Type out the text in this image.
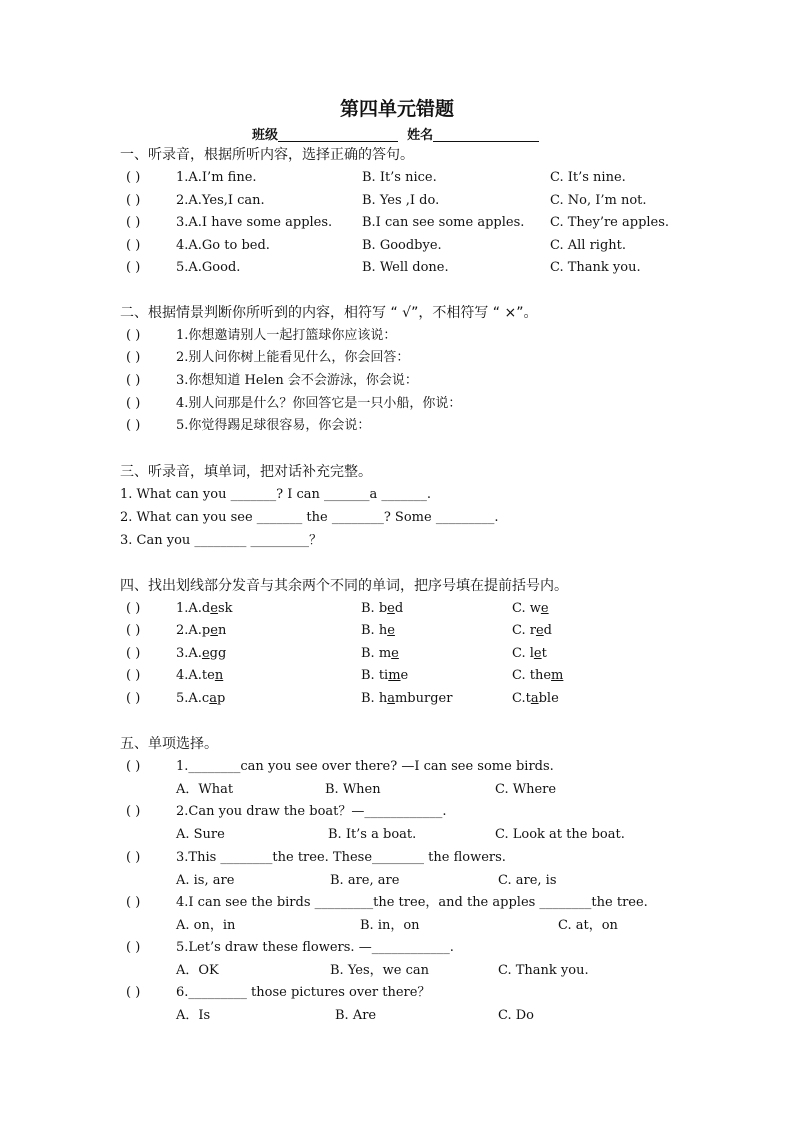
第四单元错题
班级	姓名
一、听录音，根据所听内容，选择正确的答句。
( )	1.A.I’m fine.	B. It’s nice.	C. It’s nine.
( )	2.A.Yes,I can.	B. Yes ,I do.	C. No, I’m not.
( )	3.A.I have some apples. B.I can see some apples. C. They’re apples.
( )	4.A.Go to bed.	B. Goodbye.	C. All right.
( )	5.A.Good.	B. Well done.	C. Thank you.
二、根据情景判断你所听到的内容，相符写 “ √”，不相符写 “ ×”。
( )	1.你想邀请别人一起打篮球你应该说：
( )	2.别人问你树上能看见什么，你会回答：
( )	3.你想知道 Helen 会不会游泳，你会说：
( )	4.别人问那是什么？你回答它是一只小船，你说：
( )	5.你觉得踢足球很容易，你会说：
三、听录音，填单词，把对话补充完整。
1. What can you _______? I can _______a _______.
2. What can you see _______ the ________? Some _________.
3. Can you ________ _________？
四、找出划线部分发音与其余两个不同的单词，把序号填在提前括号内。
( )	1.A.desk	B. bed	C. we
( )	2.A.pen	B. he	C. red
( )	3.A.egg	B. me	C. let
( )	4.A.ten	B. time	C. them
( )	5.A.cap	B. hamburger	C.table
五、单项选择。
( )	1.________can you see over there? —I can see some birds.
A．What	B. When	C. Where
( )	2.Can you draw the boat？—____________.
A. Sure	B. It’s a boat.	C. Look at the boat.
( )	3.This ________the tree. These________ the flowers.
A. is, are	B. are, are	C. are, is
( )	4.I can see the birds _________the tree，and the apples ________the tree.
A. on，in	B. in，on	C. at，on
( )	5.Let’s draw these flowers. —____________.
A．OK	B. Yes，we can	C. Thank you.
( )	6._________ those pictures over there？
A．Is	B. Are	C. Do
